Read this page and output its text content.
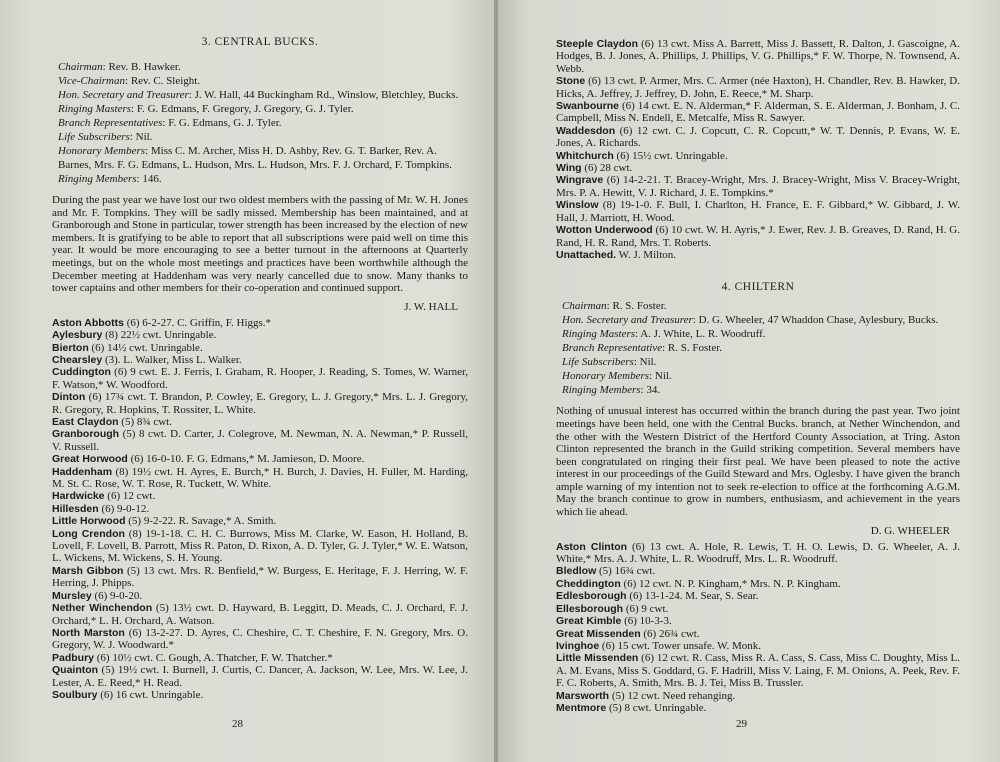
3. CENTRAL BUCKS.
Chairman: Rev. B. Hawker.
Vice-Chairman: Rev. C. Sleight.
Hon. Secretary and Treasurer: J. W. Hall, 44 Buckingham Rd., Winslow, Bletchley, Bucks.
Ringing Masters: F. G. Edmans, F. Gregory, J. Gregory, G. J. Tyler.
Branch Representatives: F. G. Edmans, G. J. Tyler.
Life Subscribers: Nil.
Honorary Members: Miss C. M. Archer, Miss H. D. Ashby, Rev. G. T. Barker, Rev. A. Barnes, Mrs. F. G. Edmans, L. Hudson, Mrs. L. Hudson, Mrs. F. J. Orchard, F. Tompkins.
Ringing Members: 146.
During the past year we have lost our two oldest members with the passing of Mr. W. H. Jones and Mr. F. Tompkins. They will be sadly missed. Membership has been maintained, and at Granborough and Stone in particular, tower strength has been increased by the election of new members. It is gratifying to be able to report that all subscriptions were paid well on time this year. It would be more encouraging to see a better turnout in the afternoons at Quarterly meetings, but on the whole most meetings and practices have been worthwhile although the December meeting at Haddenham was very nearly cancelled due to snow. Many thanks to tower captains and other members for their co-operation and continued support.
J. W. HALL
Aston Abbotts (6) 6-2-27. C. Griffin, F. Higgs.*
Aylesbury (8) 22½ cwt. Unringable.
Bierton (6) 14½ cwt. Unringable.
Chearsley (3). L. Walker, Miss L. Walker.
Cuddington (6) 9 cwt. E. J. Ferris, I. Graham, R. Hooper, J. Reading, S. Tomes, W. Warner, F. Watson,* W. Woodford.
Dinton (6) 17¾ cwt. T. Brandon, P. Cowley, E. Gregory, L. J. Gregory,* Mrs. L. J. Gregory, R. Gregory, R. Hopkins, T. Rossiter, L. White.
East Claydon (5) 8¾ cwt.
Granborough (5) 8 cwt. D. Carter, J. Colegrove, M. Newman, N. A. Newman,* P. Russell, V. Russell.
Great Horwood (6) 16-0-10. F. G. Edmans,* M. Jamieson, D. Moore.
Haddenham (8) 19½ cwt. H. Ayres, E. Burch,* H. Burch, J. Davies, H. Fuller, M. Harding, M. St. C. Rose, W. T. Rose, R. Tuckett, W. White.
Hardwicke (6) 12 cwt.
Hillesden (6) 9-0-12.
Little Horwood (5) 9-2-22. R. Savage,* A. Smith.
Long Crendon (8) 19-1-18. C. H. C. Burrows, Miss M. Clarke, W. Eason, H. Holland, B. Lovell, F. Lovell, B. Parrott, Miss R. Paton, D. Rixon, A. D. Tyler, G. J. Tyler,* W. E. Watson, L. Wickens, M. Wickens, S. H. Young.
Marsh Gibbon (5) 13 cwt. Mrs. R. Benfield,* W. Burgess, E. Heritage, F. J. Herring, W. F. Herring, J. Phipps.
Mursley (6) 9-0-20.
Nether Winchendon (5) 13½ cwt. D. Hayward, B. Leggitt, D. Meads, C. J. Orchard, F. J. Orchard,* L. H. Orchard, A. Watson.
North Marston (6) 13-2-27. D. Ayres, C. Cheshire, C. T. Cheshire, F. N. Gregory, Mrs. O. Gregory, W. J. Woodward.*
Padbury (6) 10½ cwt. C. Gough, A. Thatcher, F. W. Thatcher.*
Quainton (5) 19½ cwt. I. Burnell, J. Curtis, C. Dancer, A. Jackson, W. Lee, Mrs. W. Lee, J. Lester, A. E. Reed,* H. Read.
Soulbury (6) 16 cwt. Unringable.
28
Steeple Claydon (6) 13 cwt. Miss A. Barrett, Miss J. Bassett, R. Dalton, J. Gascoigne, A. Hodges, B. J. Jones, A. Phillips, J. Phillips, V. G. Phillips,* F. W. Thorpe, N. Townsend, A. Webb.
Stone (6) 13 cwt. P. Armer, Mrs. C. Armer (née Haxton), H. Chandler, Rev. B. Hawker, D. Hicks, A. Jeffrey, J. Jeffrey, D. John, E. Reece,* M. Sharp.
Swanbourne (6) 14 cwt. E. N. Alderman,* F. Alderman, S. E. Alderman, J. Bonham, J. C. Campbell, Miss N. Endell, E. Metcalfe, Miss R. Sawyer.
Waddesdon (6) 12 cwt. C. J. Copcutt, C. R. Copcutt,* W. T. Dennis, P. Evans, W. E. Jones, A. Richards.
Whitchurch (6) 15½ cwt. Unringable.
Wing (6) 28 cwt.
Wingrave (6) 14-2-21. T. Bracey-Wright, Mrs. J. Bracey-Wright, Miss V. Bracey-Wright, Mrs. P. A. Hewitt, V. J. Richard, J. E. Tompkins.*
Winslow (8) 19-1-0. F. Bull, I. Charlton, H. France, E. F. Gibbard,* W. Gibbard, J. W. Hall, J. Marriott, H. Wood.
Wotton Underwood (6) 10 cwt. W. H. Ayris,* J. Ewer, Rev. J. B. Greaves, D. Rand, H. G. Rand, H. R. Rand, Mrs. T. Roberts.
Unattached. W. J. Milton.
4. CHILTERN
Chairman: R. S. Foster.
Hon. Secretary and Treasurer: D. G. Wheeler, 47 Whaddon Chase, Aylesbury, Bucks.
Ringing Masters: A. J. White, L. R. Woodruff.
Branch Representative: R. S. Foster.
Life Subscribers: Nil.
Honorary Members: Nil.
Ringing Members: 34.
Nothing of unusual interest has occurred within the branch during the past year. Two joint meetings have been held, one with the Central Bucks. branch, at Nether Winchendon, and the other with the Western District of the Hertford County Association, at Tring. Aston Clinton represented the branch in the Guild striking competition. Several members have been congratulated on ringing their first peal. We have been pleased to note the active interest in our proceedings of the Guild Steward and Mrs. Oglesby. I have given the branch ample warning of my intention not to seek re-election to office at the forthcoming A.G.M. May the branch continue to grow in numbers, enthusiasm, and achievement in the years which lie ahead.
D. G. WHEELER
Aston Clinton (6) 13 cwt. A. Hole, R. Lewis, T. H. O. Lewis, D. G. Wheeler, A. J. White,* Mrs. A. J. White, L. R. Woodruff, Mrs. L. R. Woodruff.
Bledlow (5) 16¾ cwt.
Cheddington (6) 12 cwt. N. P. Kingham,* Mrs. N. P. Kingham.
Edlesborough (6) 13-1-24. M. Sear, S. Sear.
Ellesborough (6) 9 cwt.
Great Kimble (6) 10-3-3.
Great Missenden (6) 26¾ cwt.
Ivinghoe (6) 15 cwt. Tower unsafe. W. Monk.
Little Missenden (6) 12 cwt. R. Cass, Miss R. A. Cass, S. Cass, Miss C. Doughty, Miss L. A. M. Evans, Miss S. Goddard, G. F. Hadrill, Miss V. Laing, F. M. Onions, A. Peek, Rev. F. F. C. Roberts, A. Smith, Mrs. B. J. Tei, Miss B. Trussler.
Marsworth (5) 12 cwt. Need rehanging.
Mentmore (5) 8 cwt. Unringable.
29
